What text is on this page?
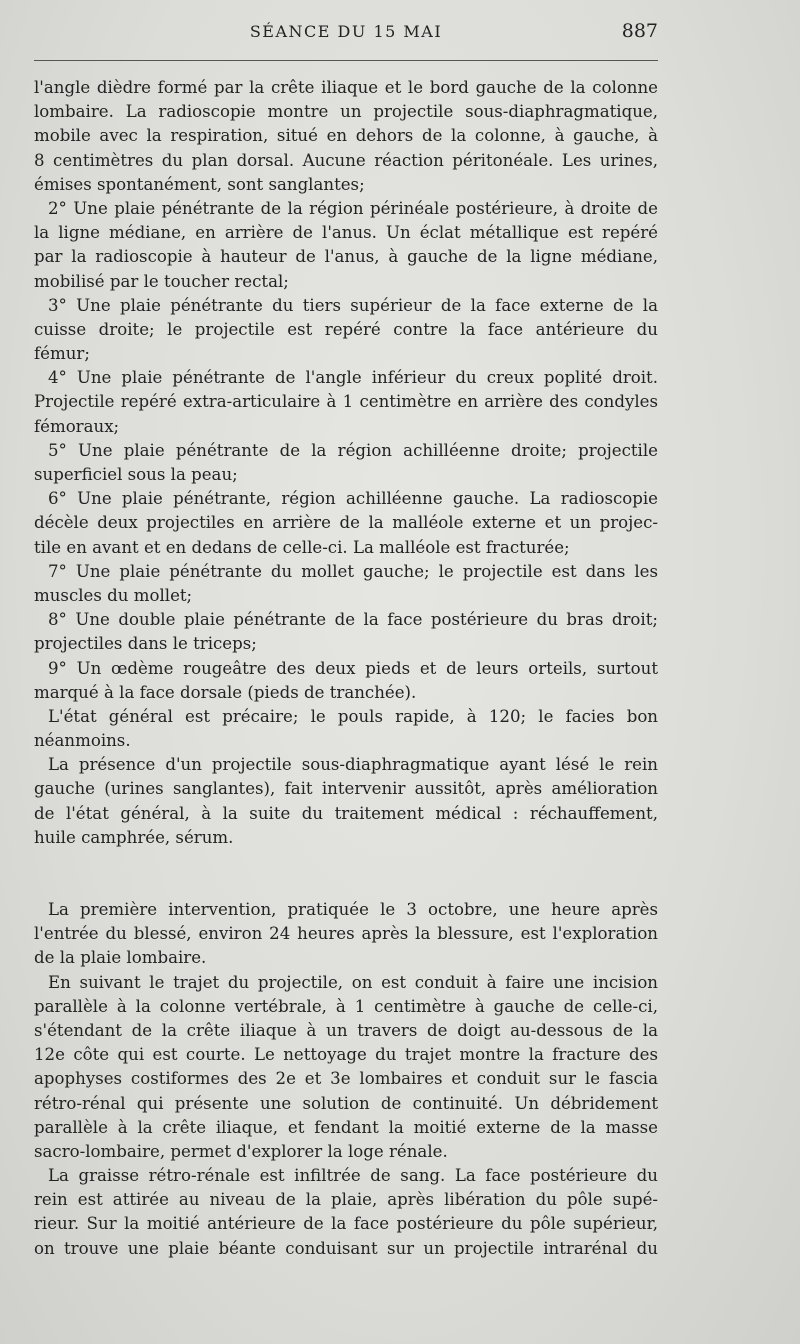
SÉANCE DU 15 MAI	887
l'angle dièdre formé par la crête iliaque et le bord gauche de la colonne
lombaire. La radioscopie montre un projectile sous-diaphragmatique,
mobile avec la respiration, situé en dehors de la colonne, à gauche, à
8 centimètres du plan dorsal. Aucune réaction péritonéale. Les urines,
émises spontanément, sont sanglantes;
2° Une plaie pénétrante de la région périnéale postérieure, à droite de
la ligne médiane, en arrière de l'anus. Un éclat métallique est repéré
par la radioscopie à hauteur de l'anus, à gauche de la ligne médiane,
mobilisé par le toucher rectal;
3° Une plaie pénétrante du tiers supérieur de la face externe de la
cuisse droite; le projectile est repéré contre la face antérieure du
fémur;
4° Une plaie pénétrante de l'angle inférieur du creux poplité droit.
Projectile repéré extra-articulaire à 1 centimètre en arrière des condyles
fémoraux;
5° Une plaie pénétrante de la région achilléenne droite; projectile
superficiel sous la peau;
6° Une plaie pénétrante, région achilléenne gauche. La radioscopie
décèle deux projectiles en arrière de la malléole externe et un projec-
tile en avant et en dedans de celle-ci. La malléole est fracturée;
7° Une plaie pénétrante du mollet gauche; le projectile est dans les
muscles du mollet;
8° Une double plaie pénétrante de la face postérieure du bras droit;
projectiles dans le triceps;
9° Un œdème rougeâtre des deux pieds et de leurs orteils, surtout
marqué à la face dorsale (pieds de tranchée).
L'état général est précaire; le pouls rapide, à 120; le facies bon
néanmoins.
La présence d'un projectile sous-diaphragmatique ayant lésé le rein
gauche (urines sanglantes), fait intervenir aussitôt, après amélioration
de l'état général, à la suite du traitement médical : réchauffement,
huile camphrée, sérum.
La première intervention, pratiquée le 3 octobre, une heure après
l'entrée du blessé, environ 24 heures après la blessure, est l'exploration
de la plaie lombaire.
En suivant le trajet du projectile, on est conduit à faire une incision
parallèle à la colonne vertébrale, à 1 centimètre à gauche de celle-ci,
s'étendant de la crête iliaque à un travers de doigt au-dessous de la
12e côte qui est courte. Le nettoyage du trajet montre la fracture des
apophyses costiformes des 2e et 3e lombaires et conduit sur le fascia
rétro-rénal qui présente une solution de continuité. Un débridement
parallèle à la crête iliaque, et fendant la moitié externe de la masse
sacro-lombaire, permet d'explorer la loge rénale.
La graisse rétro-rénale est infiltrée de sang. La face postérieure du
rein est attirée au niveau de la plaie, après libération du pôle supé-
rieur. Sur la moitié antérieure de la face postérieure du pôle supérieur,
on trouve une plaie béante conduisant sur un projectile intrarénal du
